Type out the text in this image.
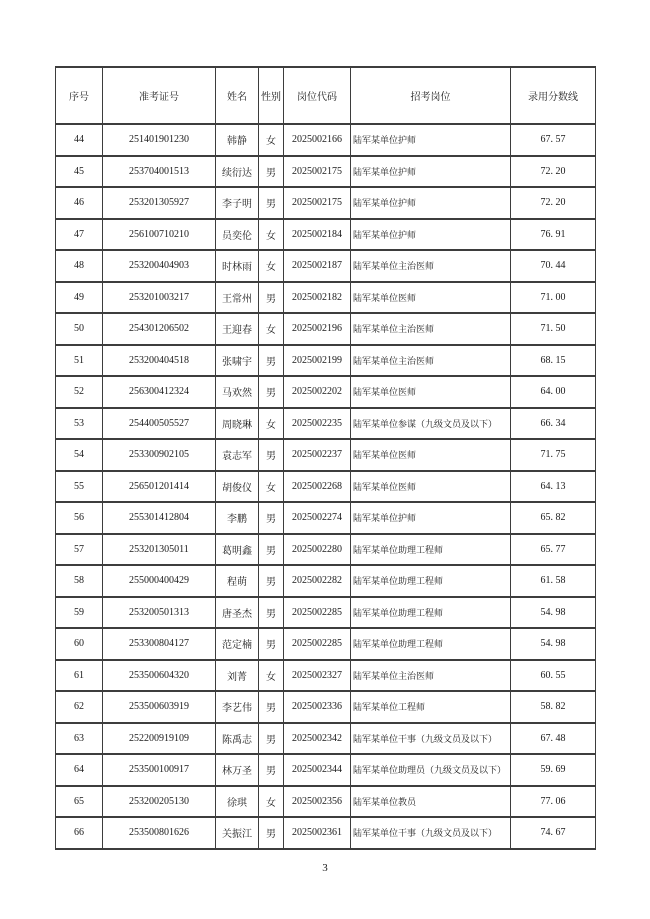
序号	准考证号	姓名	性别	岗位代码	招考岗位	录用分数线
44	251401901230	韩静	女	2025002166	陆军某单位护师	67. 57
45	253704001513	续衍达	男	2025002175	陆军某单位护师	72. 20
46	253201305927	李子明	男	2025002175	陆军某单位护师	72. 20
47	256100710210	员奕伦	女	2025002184	陆军某单位护师	76. 91
48	253200404903	时林雨	女	2025002187	陆军某单位主治医师	70. 44
49	253201003217	王常州	男	2025002182	陆军某单位医师	71. 00
50	254301206502	王迎春	女	2025002196	陆军某单位主治医师	71. 50
51	253200404518	张啸宇	男	2025002199	陆军某单位主治医师	68. 15
52	256300412324	马欢然	男	2025002202	陆军某单位医师	64. 00
53	254400505527	周晓琳	女	2025002235	陆军某单位参谋（九级文员及以下）	66. 34
54	253300902105	袁志军	男	2025002237	陆军某单位医师	71. 75
55	256501201414	胡俊仪	女	2025002268	陆军某单位医师	64. 13
56	255301412804	李鹏	男	2025002274	陆军某单位护师	65. 82
57	253201305011	葛明鑫	男	2025002280	陆军某单位助理工程师	65. 77
58	255000400429	程萌	男	2025002282	陆军某单位助理工程师	61. 58
59	253200501313	唐圣杰	男	2025002285	陆军某单位助理工程师	54. 98
60	253300804127	范定楠	男	2025002285	陆军某单位助理工程师	54. 98
61	253500604320	刘菁	女	2025002327	陆军某单位主治医师	60. 55
62	253500603919	李艺伟	男	2025002336	陆军某单位工程师	58. 82
63	252200919109	陈禹志	男	2025002342	陆军某单位干事（九级文员及以下）	67. 48
64	253500100917	林万圣	男	2025002344	陆军某单位助理员（九级文员及以下）	59. 69
65	253200205130	徐琪	女	2025002356	陆军某单位教员	77. 06
66	253500801626	关振江	男	2025002361	陆军某单位干事（九级文员及以下）	74. 67
3
